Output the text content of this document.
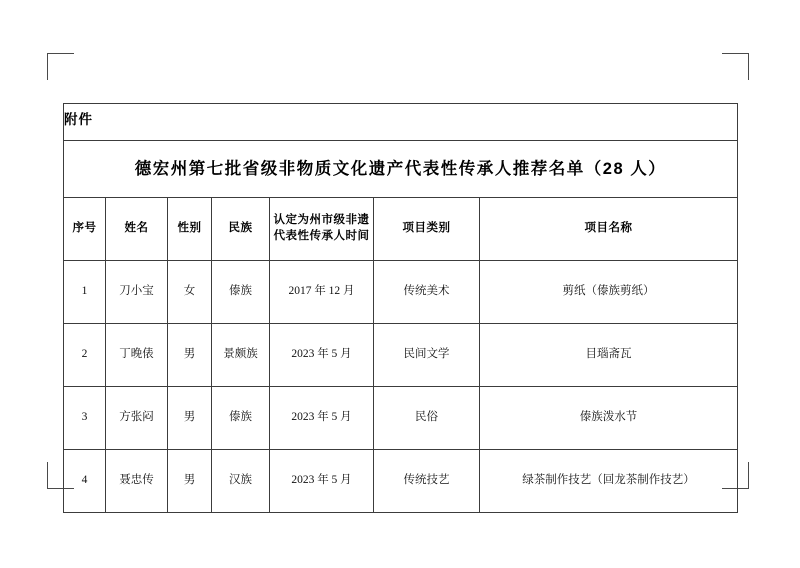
附件

德宏州第七批省级非物质文化遗产代表性传承人推荐名单（28 人）						
序号	姓名	性别	民族	认定为州市级非遗代表性传承人时间	项目类别	项目名称
1	刀小宝	女	傣族	2017 年 12 月	传统美术	剪纸（傣族剪纸）
2	丁晚俵	男	景颇族	2023 年 5 月	民间文学	目瑙斋瓦
3	方张闷	男	傣族	2023 年 5 月	民俗	傣族泼水节
4	聂忠传	男	汉族	2023 年 5 月	传统技艺	绿茶制作技艺（回龙茶制作技艺）
